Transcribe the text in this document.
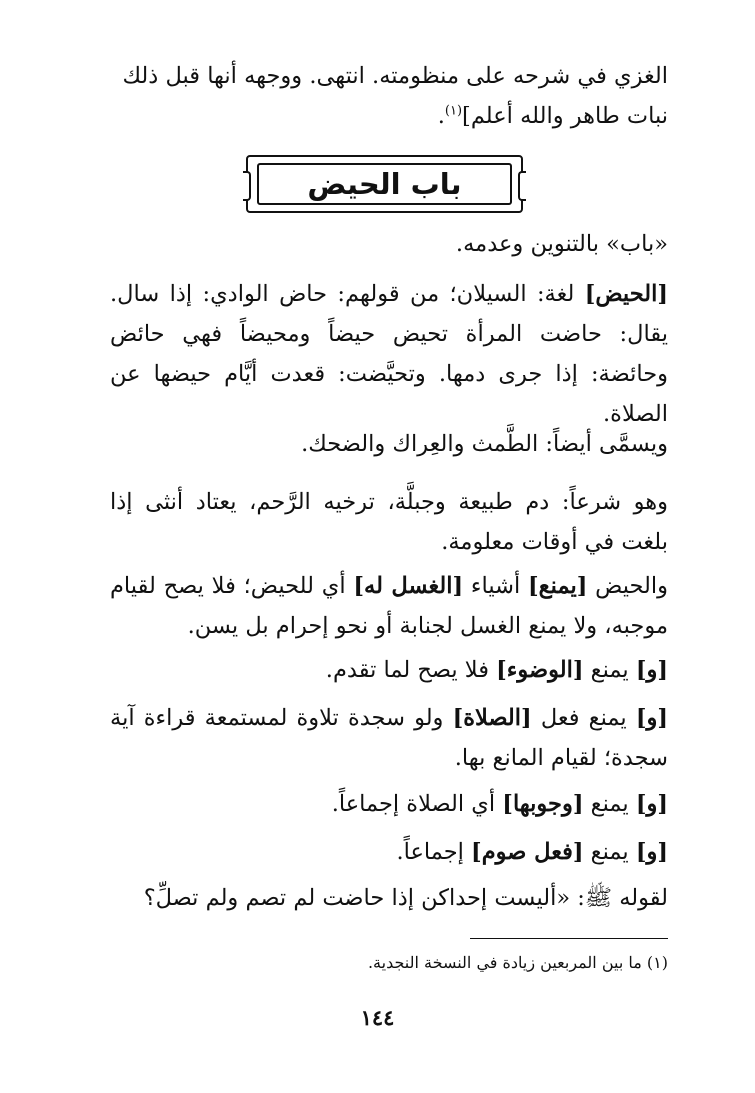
الغزي في شرحه على منظومته. انتهى. ووجهه أنها قبل ذلك

نبات طاهر والله أعلم]$^{(١)}$.

باب الحيض

«باب» بالتنوين وعدمه.

[الحيض] لغة: السيلان؛ من قولهم: حاض الوادي: إذا سال. يقال: حاضت المرأة تحيض حيضاً ومحيضاً فهي حائض وحائضة: إذا جرى دمها. وتحيَّضت: قعدت أيَّام حيضها عن الصلاة.

ويسمَّى أيضاً: الطَّمث والعِراك والضحك.

وهو شرعاً: دم طبيعة وجبلَّة، ترخيه الرَّحم، يعتاد أنثى إذا بلغت في أوقات معلومة.

والحيض [يمنع] أشياء [الغسل له] أي للحيض؛ فلا يصح لقيام موجبه، ولا يمنع الغسل لجنابة أو نحو إحرام بل يسن.

[و] يمنع [الوضوء] فلا يصح لما تقدم.

[و] يمنع فعل [الصلاة] ولو سجدة تلاوة لمستمعة قراءة آية سجدة؛ لقيام المانع بها.

[و] يمنع [وجوبها] أي الصلاة إجماعاً.

[و] يمنع [فعل صوم] إجماعاً.

لقوله ﷺ: «أليست إحداكن إذا حاضت لم تصم ولم تصلِّ؟

(١) ما بين المربعين زيادة في النسخة النجدية.
١٤٤
